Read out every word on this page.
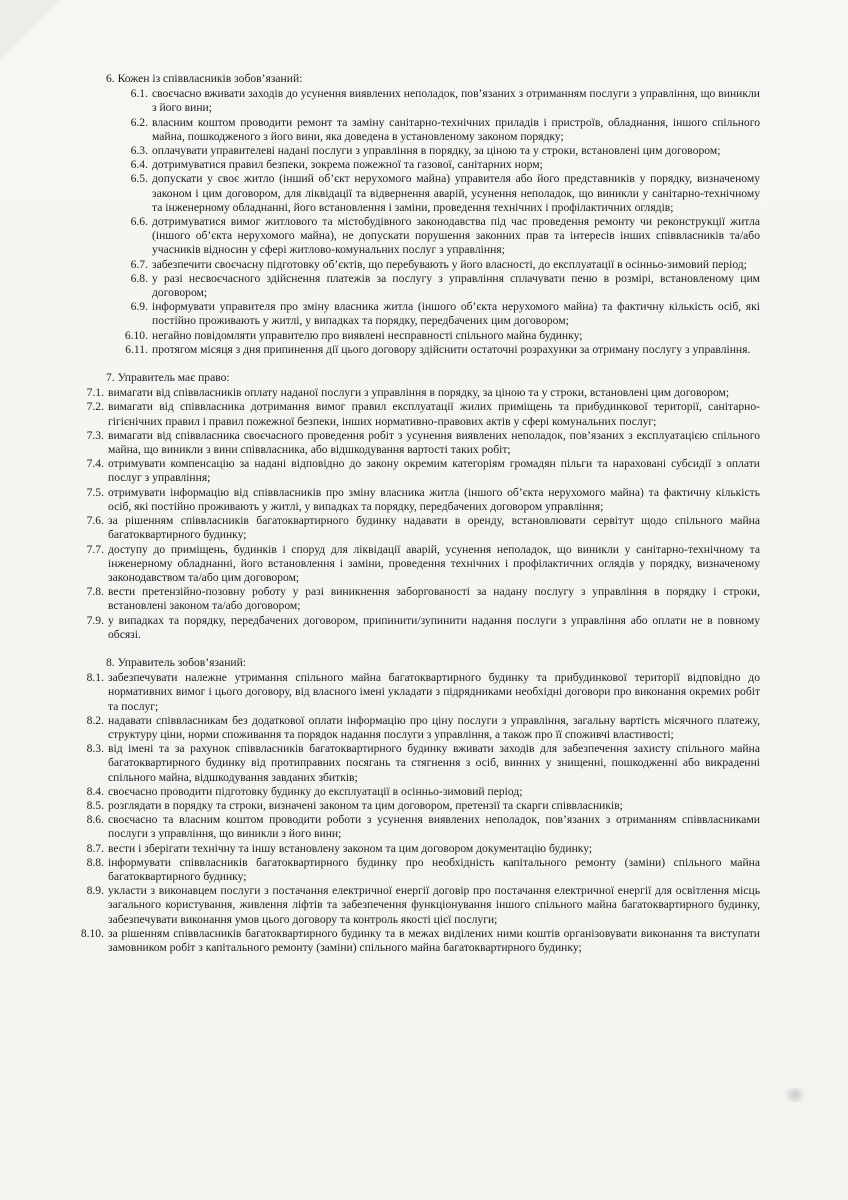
6. Кожен із співвласників зобов’язаний:
6.1. своєчасно вживати заходів до усунення виявлених неполадок, пов’язаних з отриманням послуги з управління, що виникли з його вини;
6.2. власним коштом проводити ремонт та заміну санітарно-технічних приладів і пристроїв, обладнання, іншого спільного майна, пошкодженого з його вини, яка доведена в установленому законом порядку;
6.3. оплачувати управителеві надані послуги з управління в порядку, за ціною та у строки, встановлені цим договором;
6.4. дотримуватися правил безпеки, зокрема пожежної та газової, санітарних норм;
6.5. допускати у своє житло (інший об’єкт нерухомого майна) управителя або його представників у порядку, визначеному законом і цим договором, для ліквідації та відвернення аварій, усунення неполадок, що виникли у санітарно-технічному та інженерному обладнанні, його встановлення і заміни, проведення технічних і профілактичних оглядів;
6.6. дотримуватися вимог житлового та містобудівного законодавства під час проведення ремонту чи реконструкції житла (іншого об’єкта нерухомого майна), не допускати порушення законних прав та інтересів інших співвласників та/або учасників відносин у сфері житлово-комунальних послуг з управління;
6.7. забезпечити своєчасну підготовку об’єктів, що перебувають у його власності, до експлуатації в осінньо-зимовий період;
6.8. у разі несвоєчасного здійснення платежів за послугу з управління сплачувати пеню в розмірі, встановленому цим договором;
6.9. інформувати управителя про зміну власника житла (іншого об’єкта нерухомого майна) та фактичну кількість осіб, які постійно проживають у житлі, у випадках та порядку, передбачених цим договором;
6.10. негайно повідомляти управителю про виявлені несправності спільного майна будинку;
6.11. протягом місяця з дня припинення дії цього договору здійснити остаточні розрахунки за отриману послугу з управління.
7. Управитель має право:
7.1. вимагати від співвласників оплату наданої послуги з управління в порядку, за ціною та у строки, встановлені цим договором;
7.2. вимагати від співвласника дотримання вимог правил експлуатації жилих приміщень та прибудинкової території, санітарно-гігієнічних правил і правил пожежної безпеки, інших нормативно-правових актів у сфері комунальних послуг;
7.3. вимагати від співвласника своєчасного проведення робіт з усунення виявлених неполадок, пов’язаних з експлуатацією спільного майна, що виникли з вини співвласника, або відшкодування вартості таких робіт;
7.4. отримувати компенсацію за надані відповідно до закону окремим категоріям громадян пільги та нараховані субсидії з оплати послуг з управління;
7.5. отримувати інформацію від співвласників про зміну власника житла (іншого об’єкта нерухомого майна) та фактичну кількість осіб, які постійно проживають у житлі, у випадках та порядку, передбачених договором управління;
7.6. за рішенням співвласників багатоквартирного будинку надавати в оренду, встановлювати сервітут щодо спільного майна багатоквартирного будинку;
7.7. доступу до приміщень, будинків і споруд для ліквідації аварій, усунення неполадок, що виникли у санітарно-технічному та інженерному обладнанні, його встановлення і заміни, проведення технічних і профілактичних оглядів у порядку, визначеному законодавством та/або цим договором;
7.8. вести претензійно-позовну роботу у разі виникнення заборгованості за надану послугу з управління в порядку і строки, встановлені законом та/або договором;
7.9. у випадках та порядку, передбачених договором, припинити/зупинити надання послуги з управління або оплати не в повному обсязі.
8. Управитель зобов’язаний:
8.1. забезпечувати належне утримання спільного майна багатоквартирного будинку та прибудинкової території відповідно до нормативних вимог і цього договору, від власного імені укладати з підрядниками необхідні договори про виконання окремих робіт та послуг;
8.2. надавати співвласникам без додаткової оплати інформацію про ціну послуги з управління, загальну вартість місячного платежу, структуру ціни, норми споживання та порядок надання послуги з управління, а також про її споживчі властивості;
8.3. від імені та за рахунок співвласників багатоквартирного будинку вживати заходів для забезпечення захисту спільного майна багатоквартирного будинку від протиправних посягань та стягнення з осіб, винних у знищенні, пошкодженні або викраденні спільного майна, відшкодування завданих збитків;
8.4. своєчасно проводити підготовку будинку до експлуатації в осінньо-зимовий період;
8.5. розглядати в порядку та строки, визначені законом та цим договором, претензії та скарги співвласників;
8.6. своєчасно та власним коштом проводити роботи з усунення виявлених неполадок, пов’язаних з отриманням співвласниками послуги з управління, що виникли з його вини;
8.7. вести і зберігати технічну та іншу встановлену законом та цим договором документацію будинку;
8.8. інформувати співвласників багатоквартирного будинку про необхідність капітального ремонту (заміни) спільного майна багатоквартирного будинку;
8.9. укласти з виконавцем послуги з постачання електричної енергії договір про постачання електричної енергії для освітлення місць загального користування, живлення ліфтів та забезпечення функціонування іншого спільного майна багатоквартирного будинку, забезпечувати виконання умов цього договору та контроль якості цієї послуги;
8.10. за рішенням співвласників багатоквартирного будинку та в межах виділених ними коштів організовувати виконання та виступати замовником робіт з капітального ремонту (заміни) спільного майна багатоквартирного будинку;
